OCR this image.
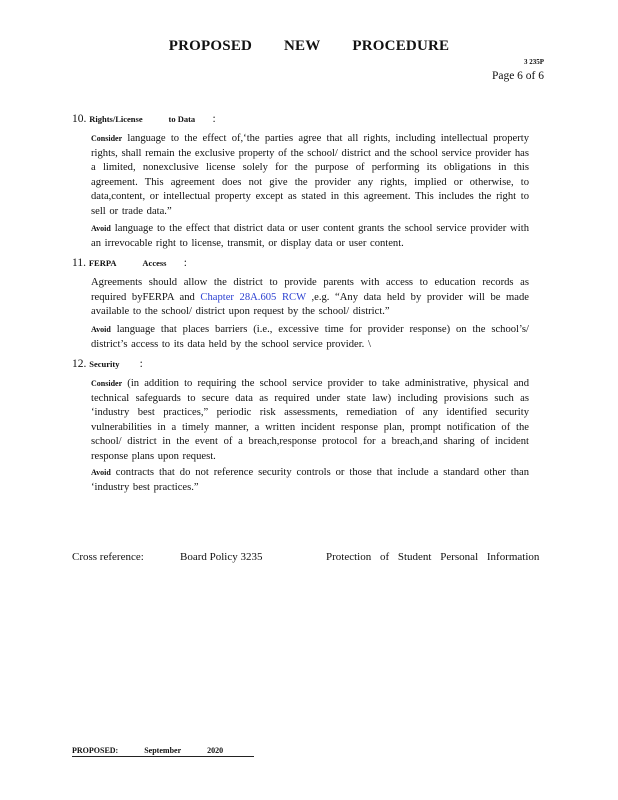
PROPOSED NEW PROCEDURE
3 235P
Page 6 of 6
10. Rights/License	to Data :
Consider language to the effect of,‘the parties agree that all rights, including intellectual property rights, shall remain the exclusive property of the school/ district and the school service provider has a limited, nonexclusive license solely for the purpose of performing its obligations in this agreement. This agreement does not give the provider any rights, implied or otherwise, to data,content, or intellectual property except as stated in this agreement. This includes the right to sell or trade data.”
Avoid language to the effect that district data or user content grants the school service provider with an irrevocable right to license, transmit, or display data or user content.
11. FERPA	Access :
Agreements should allow the district to provide parents with access to education records as required byFERPA and Chapter 28A.605 RCW ,e.g. “Any data held by provider will be made available to the school/ district upon request by the school/ district.”
Avoid language that places barriers (i.e., excessive time for provider response) on the school’s/ district’s access to its data held by the school service provider. \
12. Security :
Consider (in addition to requiring the school service provider to take administrative, physical and technical safeguards to secure data as required under state law) including provisions such as ‘industry best practices,” periodic risk assessments, remediation of any identified security vulnerabilities in a timely manner, a written incident response plan, prompt notification of the school/ district in the event of a breach,response protocol for a breach,and sharing of incident response plans upon request.
Avoid contracts that do not reference security controls or those that include a standard other than ‘industry best practices.”
Cross reference:	Board Policy 3235	Protection of Student Personal Information
PROPOSED:	September	2020
